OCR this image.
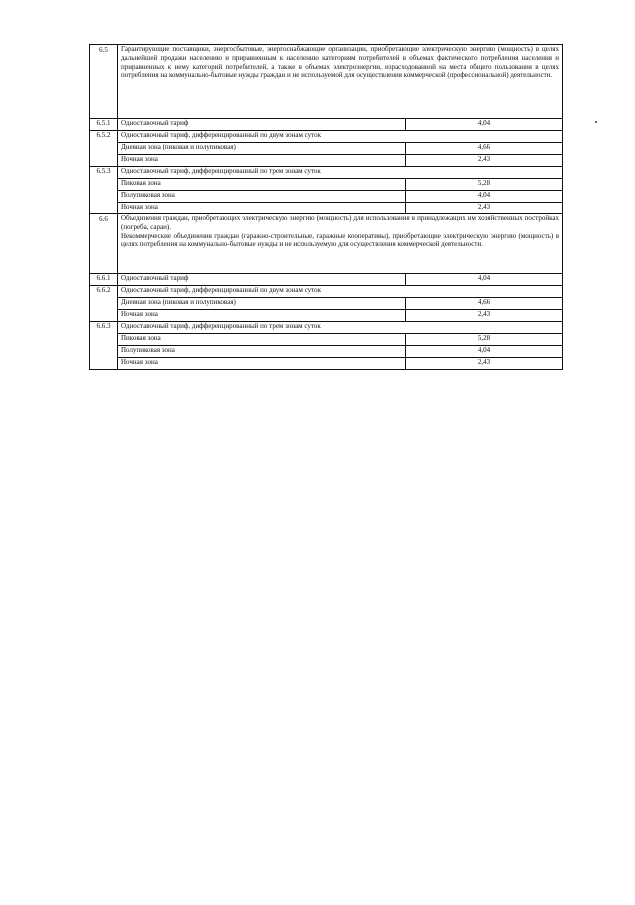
6.5	Гарантирующие поставщики, энергосбытовые, энергоснабжающие организации, приобретающие электрическую энергию (мощность) в целях дальнейшей продажи населению и приравненным к населению категориям потребителей в объемах фактического потребления населения и приравненных к нему категорий потребителей, а также в объемах электроэнергии, израсходованной на места общего пользования в целях потребления на коммунально-бытовые нужды граждан и не используемой для осуществления коммерческой (профессиональной) деятельности.	
6.5.1	Одноставочный тариф	4,04
6.5.2	Одноставочный тариф, дифференцированный по двум зонам суток	
	Дневная зона (пиковая и полупиковая)	4,66
	Ночная зона	2,43
6.5.3	Одноставочный тариф, дифференцированный по трем зонам суток	
	Пиковая зона	5,28
	Полупиковая зона	4,04
	Ночная зона	2,43
6.6	Объединения граждан, приобретающих электрическую энергию (мощность) для использования в принадлежащих им хозяйственных постройках (погреба, сараи).
Некоммерческие объединения граждан (гаражно-строительные, гаражные кооперативы), приобретающие электрическую энергию (мощность) в целях потребления на коммунально-бытовые нужды и не используемую для осуществления коммерческой деятельности.	

6.6.1	Одноставочный тариф	4,04
6.6.2	Одноставочный тариф, дифференцированный по двум зонам суток	
	Дневная зона (пиковая и полупиковая)	4,66
	Ночная зона	2,43
6.6.3	Одноставочный тариф, дифференцированный по трем зонам суток	
	Пиковая зона	5,28
	Полупиковая зона	4,04
	Ночная зона	2,43
